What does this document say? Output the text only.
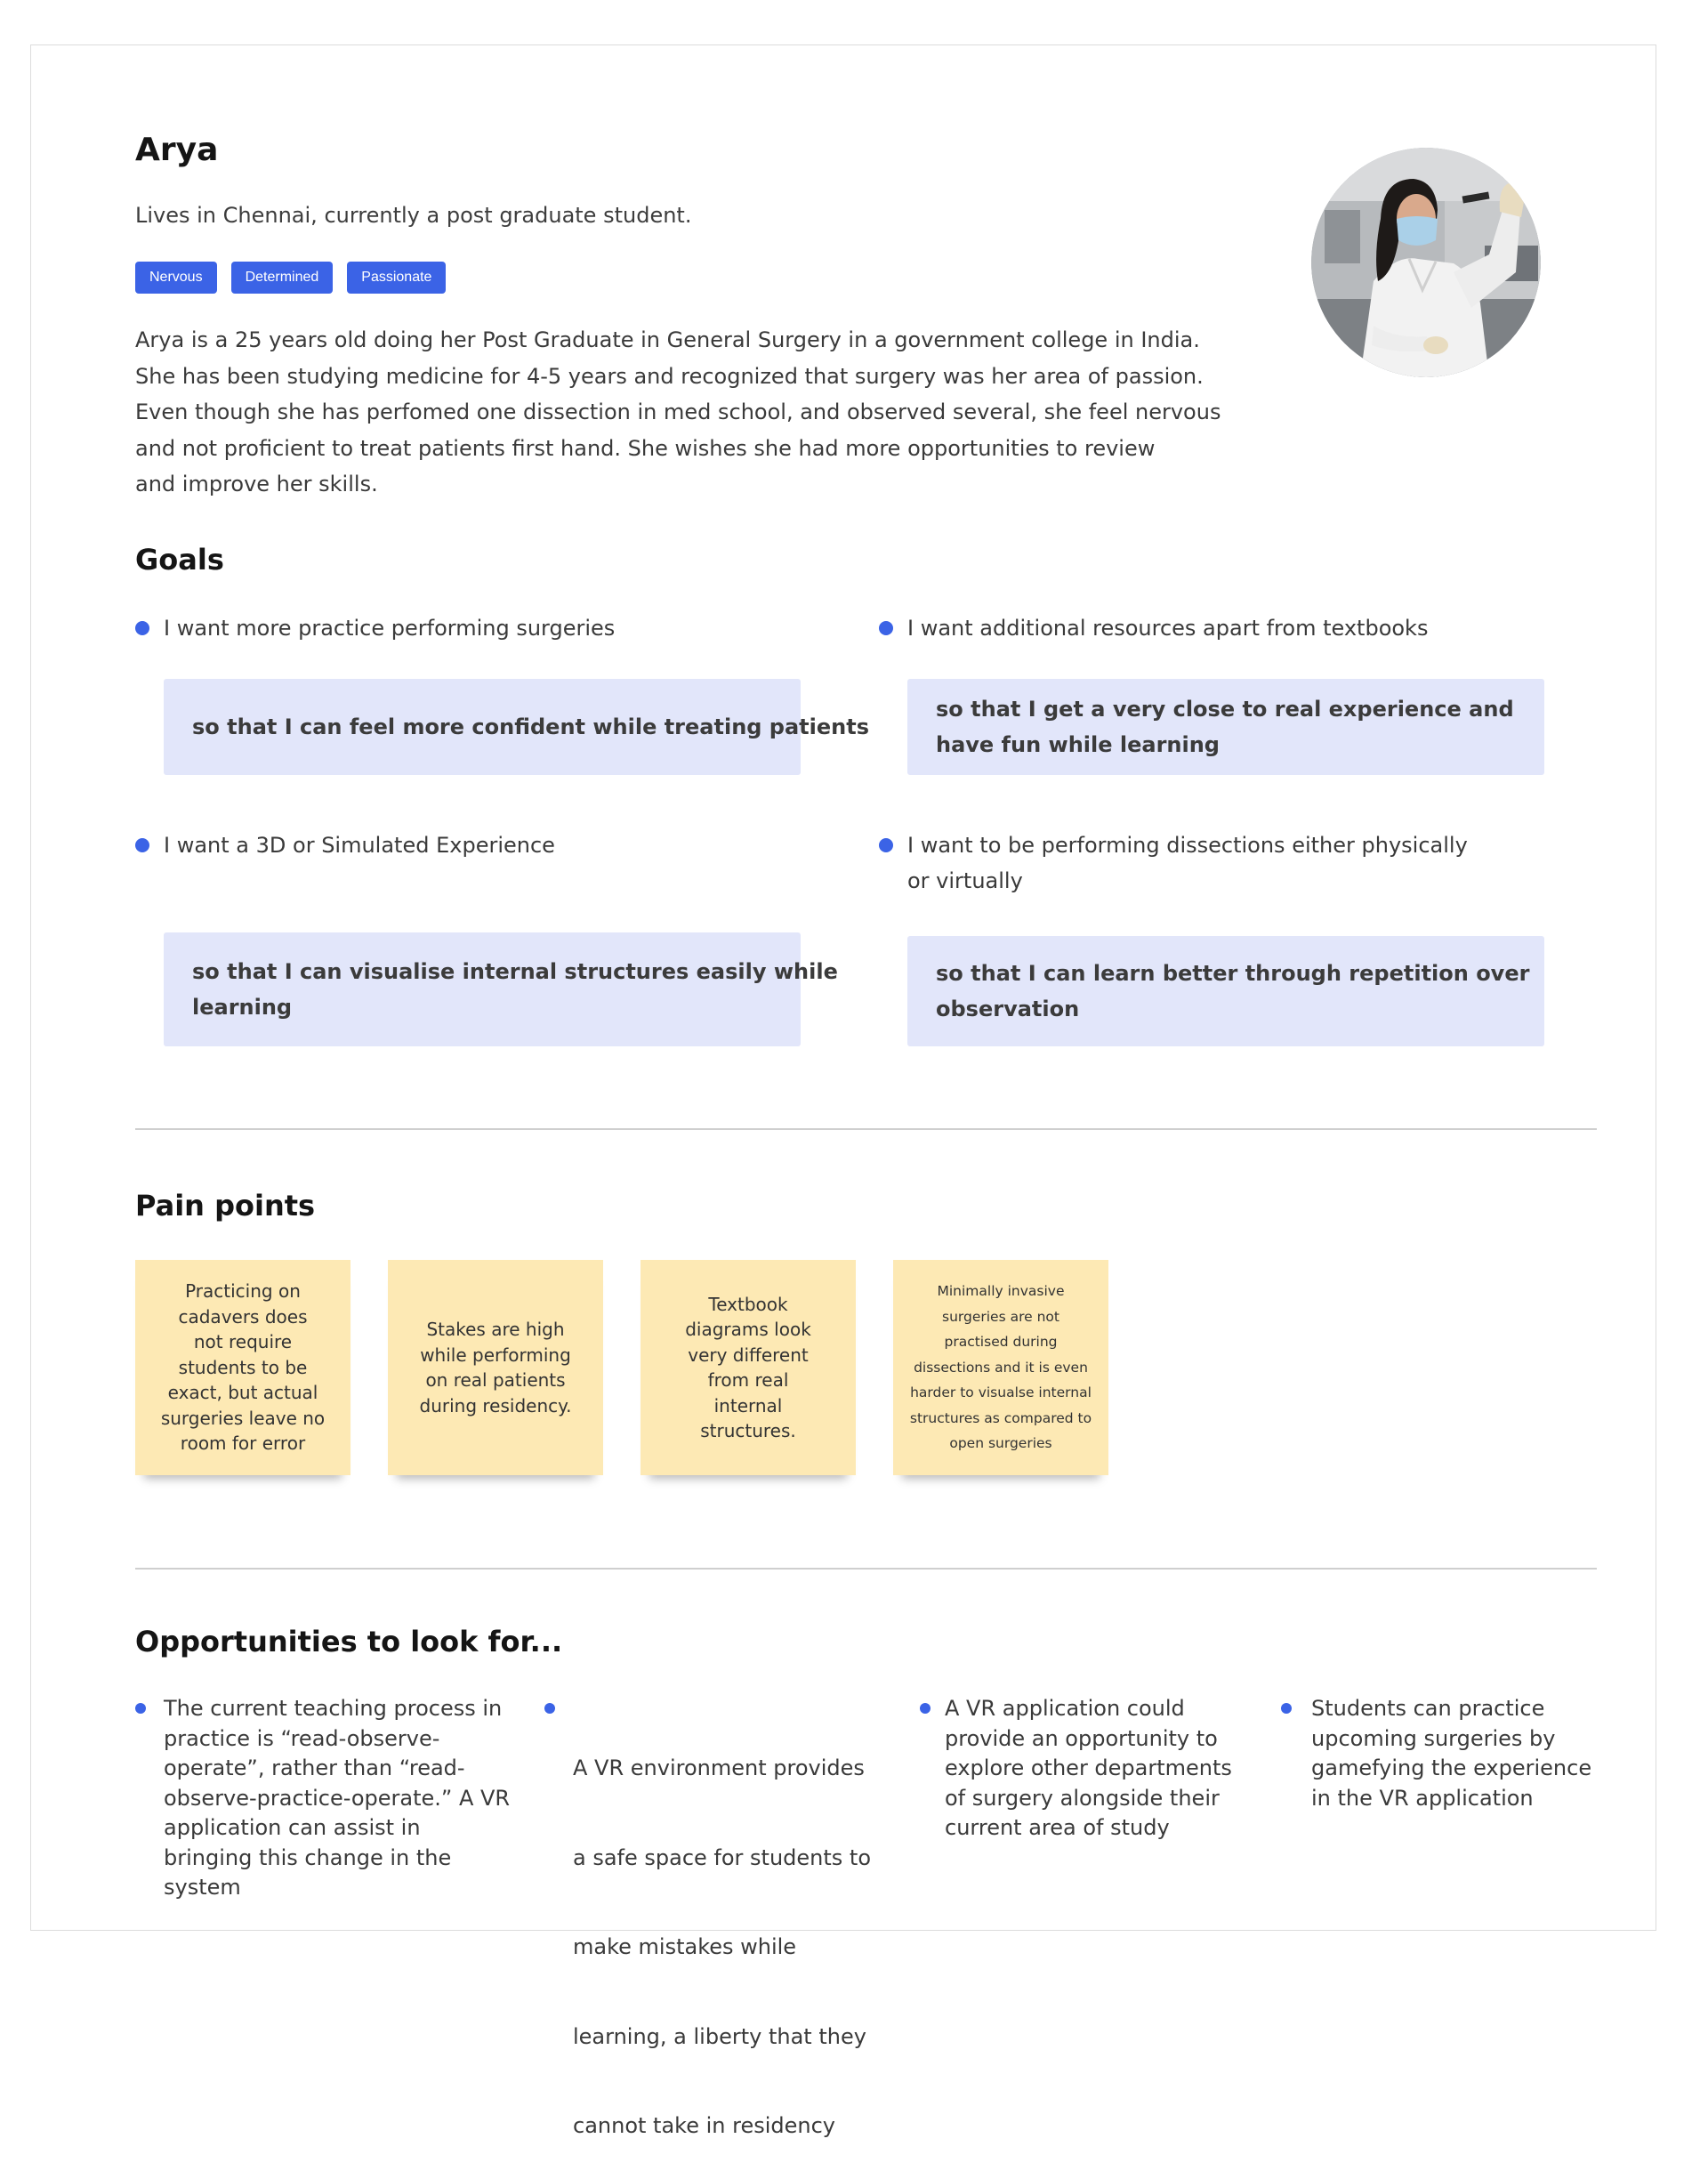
Arya

Lives in Chennai, currently a post graduate student.

Nervous	Determined	Passionate

Arya is a 25 years old doing her Post Graduate in General Surgery in a government college in India.
She has been studying medicine for 4-5 years and recognized that surgery was her area of passion.
Even though she has perfomed one dissection in med school, and observed several, she feel nervous
and not proficient to treat patients first hand. She wishes she had more opportunities to review
and improve her skills.

Goals
I want more practice performing surgeries
so that I can feel more confident while treating patients
I want additional resources apart from textbooks
so that I get a very close to real experience and
have fun while learning
I want a 3D or Simulated Experience
so that I can visualise internal structures easily while
learning
I want to be performing dissections either physically
or virtually
so that I can learn better through repetition over
observation
Pain points
Practicing on
cadavers does
not require
students to be
exact, but actual
surgeries leave no
room for error
Stakes are high
while performing
on real patients
during residency.
Textbook
diagrams look
very different
from real
internal
structures.
Minimally invasive
surgeries are not
practised during
dissections and it is even
harder to visualse internal
structures as compared to
open surgeries
Opportunities to look for...
The current teaching process in
practice is “read-observe-
operate”, rather than “read-
observe-practice-operate.” A VR
application can assist in
bringing this change in the
system

A VR environment provides

a safe space for students to

make mistakes while

learning, a liberty that they

cannot take in residency

A VR application could
provide an opportunity to
explore other departments
of surgery alongside their
current area of study
Students can practice
upcoming surgeries by
gamefying the experience
in the VR application
